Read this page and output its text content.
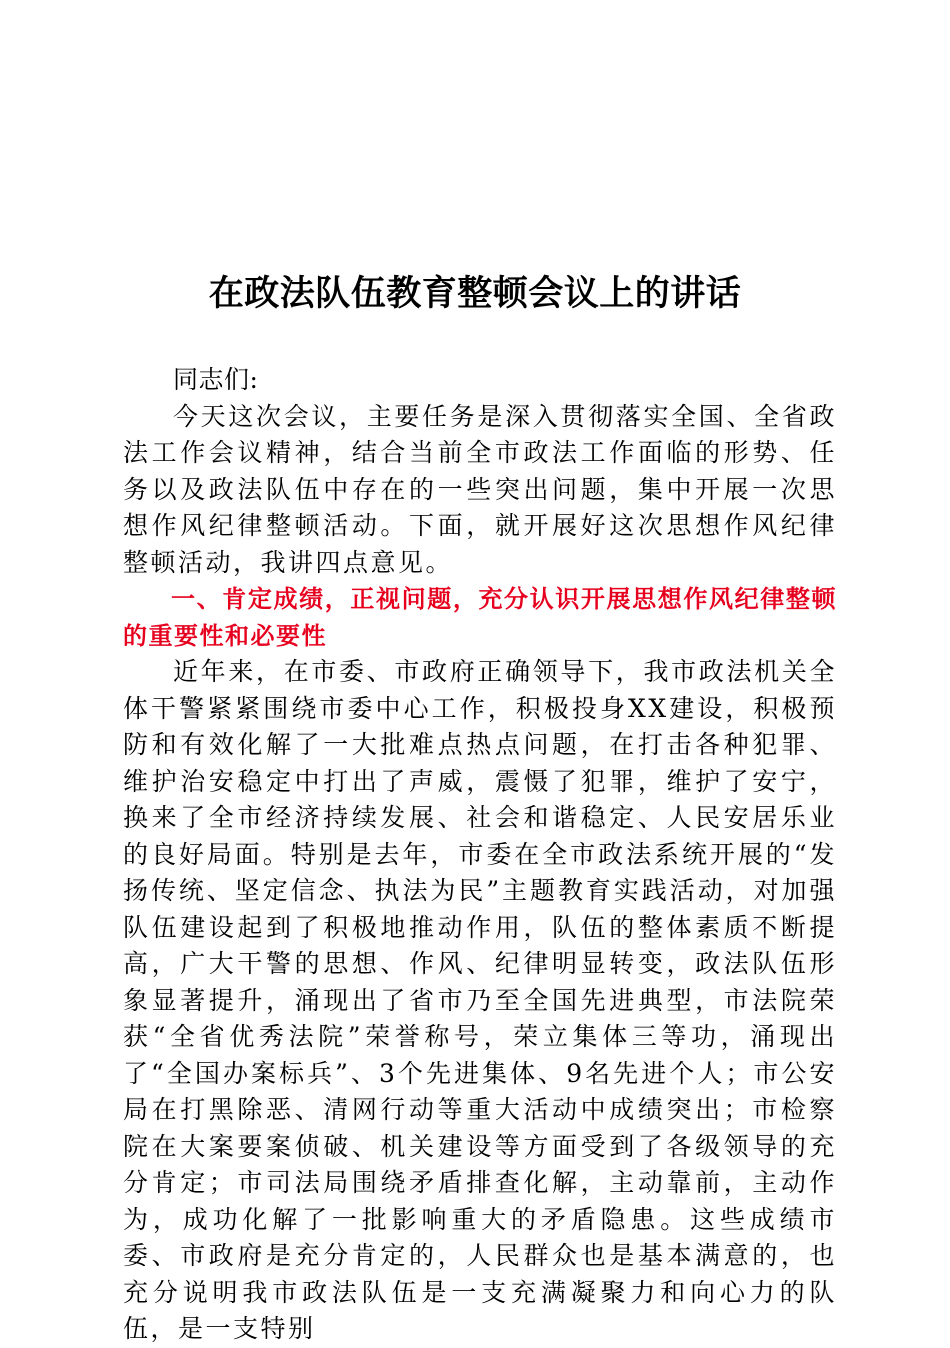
在政法队伍教育整顿会议上的讲话

同志们:

今天这次会议，主要任务是深入贯彻落实全国、全省政法工作会议精神，结合当前全市政法工作面临的形势、任务以及政法队伍中存在的一些突出问题，集中开展一次思想作风纪律整顿活动。下面，就开展好这次思想作风纪律整顿活动，我讲四点意见。

一、肯定成绩，正视问题，充分认识开展思想作风纪律整顿的重要性和必要性

近年来，在市委、市政府正确领导下，我市政法机关全体干警紧紧围绕市委中心工作，积极投身XX建设，积极预防和有效化解了一大批难点热点问题，在打击各种犯罪、维护治安稳定中打出了声威，震慑了犯罪，维护了安宁，换来了全市经济持续发展、社会和谐稳定、人民安居乐业的良好局面。特别是去年，市委在全市政法系统开展的“发扬传统、坚定信念、执法为民”主题教育实践活动，对加强队伍建设起到了积极地推动作用，队伍的整体素质不断提高，广大干警的思想、作风、纪律明显转变，政法队伍形象显著提升，涌现出了省市乃至全国先进典型，市法院荣获“全省优秀法院”荣誉称号，荣立集体三等功，涌现出了“全国办案标兵”、3个先进集体、9名先进个人；市公安局在打黑除恶、清网行动等重大活动中成绩突出；市检察院在大案要案侦破、机关建设等方面受到了各级领导的充分肯定；市司法局围绕矛盾排查化解，主动靠前，主动作为，成功化解了一批影响重大的矛盾隐患。这些成绩市委、市政府是充分肯定的，人民群众也是基本满意的，也充分说明我市政法队伍是一支充满凝聚力和向心力的队伍，是一支特别
